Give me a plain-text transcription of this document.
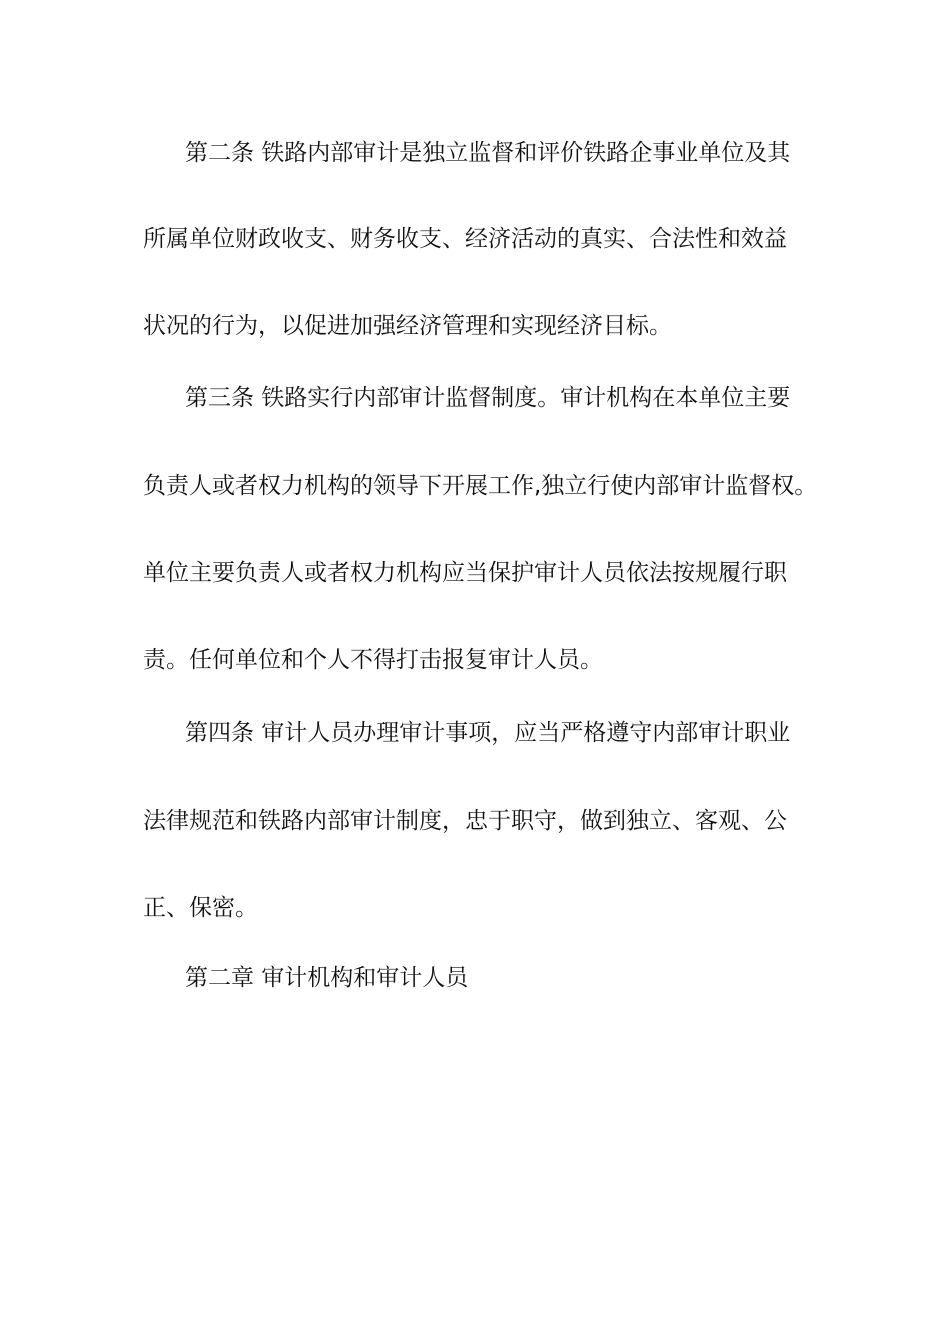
第二条 铁路内部审计是独立监督和评价铁路企事业单位及其
所属单位财政收支、财务收支、经济活动的真实、合法性和效益
状况的行为，以促进加强经济管理和实现经济目标。
第三条 铁路实行内部审计监督制度。审计机构在本单位主要
负责人或者权力机构的领导下开展工作,独立行使内部审计监督权。
单位主要负责人或者权力机构应当保护审计人员依法按规履行职
责。任何单位和个人不得打击报复审计人员。
第四条 审计人员办理审计事项，应当严格遵守内部审计职业
法律规范和铁路内部审计制度，忠于职守，做到独立、客观、公
正、保密。
第二章 审计机构和审计人员
